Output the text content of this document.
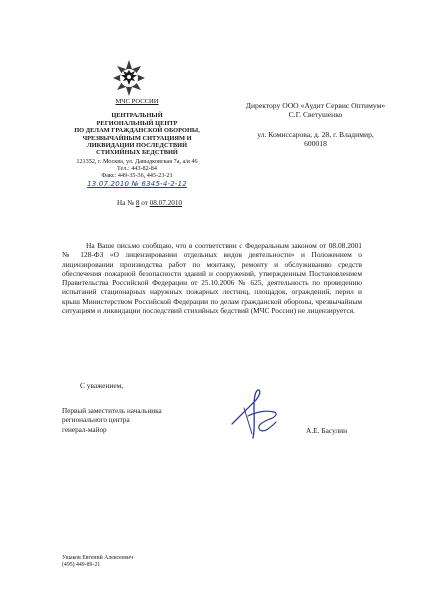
МЧС РОССИИ
ЦЕНТРАЛЬНЫЙ
РЕГИОНАЛЬНЫЙ ЦЕНТР
ПО ДЕЛАМ ГРАЖДАНСКОЙ ОБОРОНЫ,
ЧРЕЗВЫЧАЙНЫМ СИТУАЦИЯМ И
ЛИКВИДАЦИИ ПОСЛЕДСТВИЙ
СТИХИЙНЫХ БЕДСТВИЙ
121352, г. Москва, ул. Давыдковская 7а, а/я 46
Тел.: 443-82-84
Факс: 449-35-36, 445-23-21
13.07.2010 № 6345-4-2-12
На № 8 от 08.07.2010
Директору ООО «Аудит Сервис Оптимум»
С.Г. Светушенко
ул. Комиссарова, д. 28, г. Владимир,
600018
На Ваше письмо сообщаю, что в соответствии с Федеральным законом от 08.08.2001 № 128-ФЗ «О лицензировании отдельных видов деятельности» и Положением о лицензировании производства работ по монтажу, ремонту и обслуживанию средств обеспечения пожарной безопасности зданий и сооружений, утвержденным Постановлением Правительства Российской Федерации от 25.10.2006 № 625, деятельность по проведению испытаний стационарных наружных пожарных лестниц, площадок, ограждений, перил и крыш Министерством Российской Федерации по делам гражданской обороны, чрезвычайным ситуациям и ликвидации последствий стихийных бедствий (МЧС России) не лицензируется.
С уважением,
Первый заместитель начальника
регионального центра
генерал-майор	А.Е. Басулин
Ушаков Евгений Алексеевич
(495) 449-89-21
